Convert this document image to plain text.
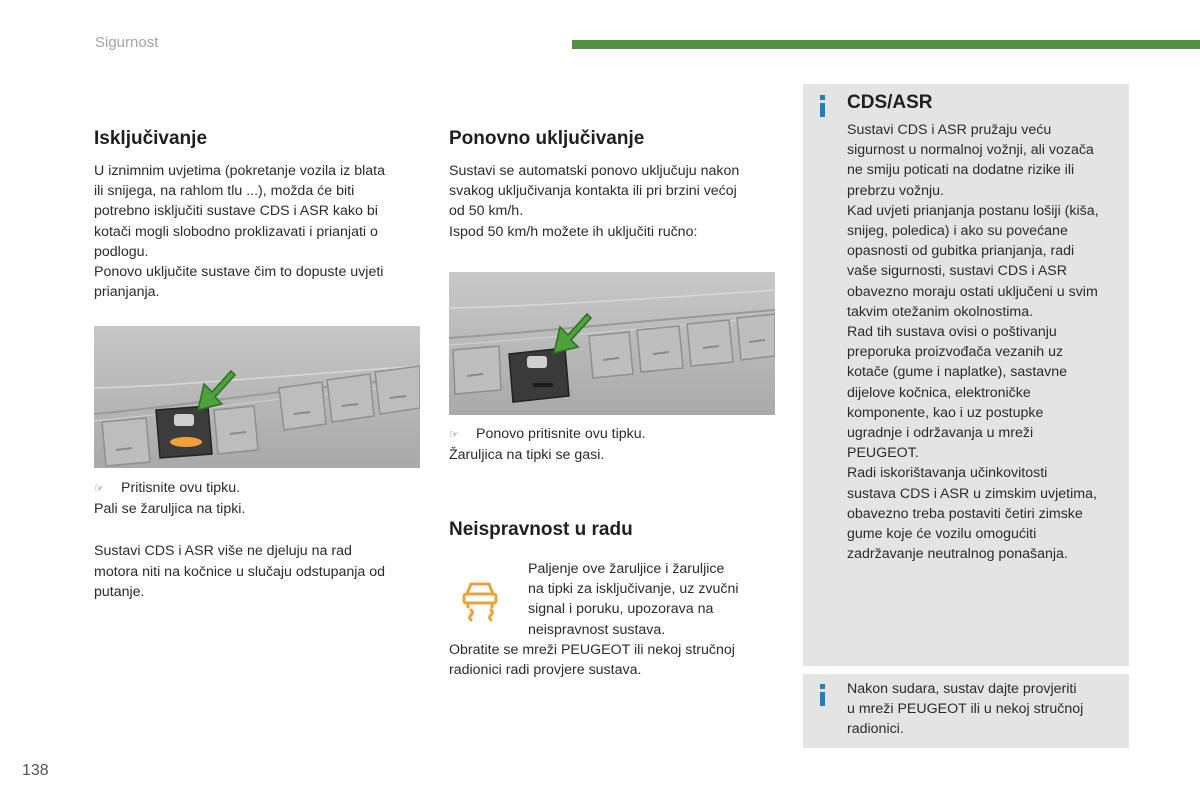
Sigurnost
Isključivanje

U iznimnim uvjetima (pokretanje vozila iz blata

ili snijega, na rahlom tlu ...), možda će biti

potrebno isključiti sustave CDS i ASR kako bi

kotači mogli slobodno proklizavati i prianjati o

podlogu.

Ponovo uključite sustave čim to dopuste uvjeti

prianjanja.

☞ Pritisnite ovu tipku.

Pali se žaruljica na tipki.

Sustavi CDS i ASR više ne djeluju na rad

motora niti na kočnice u slučaju odstupanja od

putanje.

Ponovno uključivanje

Sustavi se automatski ponovo uključuju nakon

svakog uključivanja kontakta ili pri brzini većoj

od 50 km/h.

Ispod 50 km/h možete ih uključiti ručno:

☞ Ponovo pritisnite ovu tipku.

Žaruljica na tipki se gasi.

Neispravnost u radu

Paljenje ove žaruljice i žaruljice

na tipki za isključivanje, uz zvučni

signal i poruku, upozorava na

neispravnost sustava.

Obratite se mreži PEUGEOT ili nekoj stručnoj

radionici radi provjere sustava.

CDS/ASR

Sustavi CDS i ASR pružaju veću

sigurnost u normalnoj vožnji, ali vozača

ne smiju poticati na dodatne rizike ili

prebrzu vožnju.

Kad uvjeti prianjanja postanu lošiji (kiša,

snijeg, poledica) i ako su povećane

opasnosti od gubitka prianjanja, radi

vaše sigurnosti, sustavi CDS i ASR

obavezno moraju ostati uključeni u svim

takvim otežanim okolnostima.

Rad tih sustava ovisi o poštivanju

preporuka proizvođača vezanih uz

kotače (gume i naplatke), sastavne

dijelove kočnica, elektroničke

komponente, kao i uz postupke

ugradnje i održavanja u mreži

PEUGEOT.

Radi iskorištavanja učinkovitosti

sustava CDS i ASR u zimskim uvjetima,

obavezno treba postaviti četiri zimske

gume koje će vozilu omogućiti

zadržavanje neutralnog ponašanja.

Nakon sudara, sustav dajte provjeriti

u mreži PEUGEOT ili u nekoj stručnoj

radionici.

138
